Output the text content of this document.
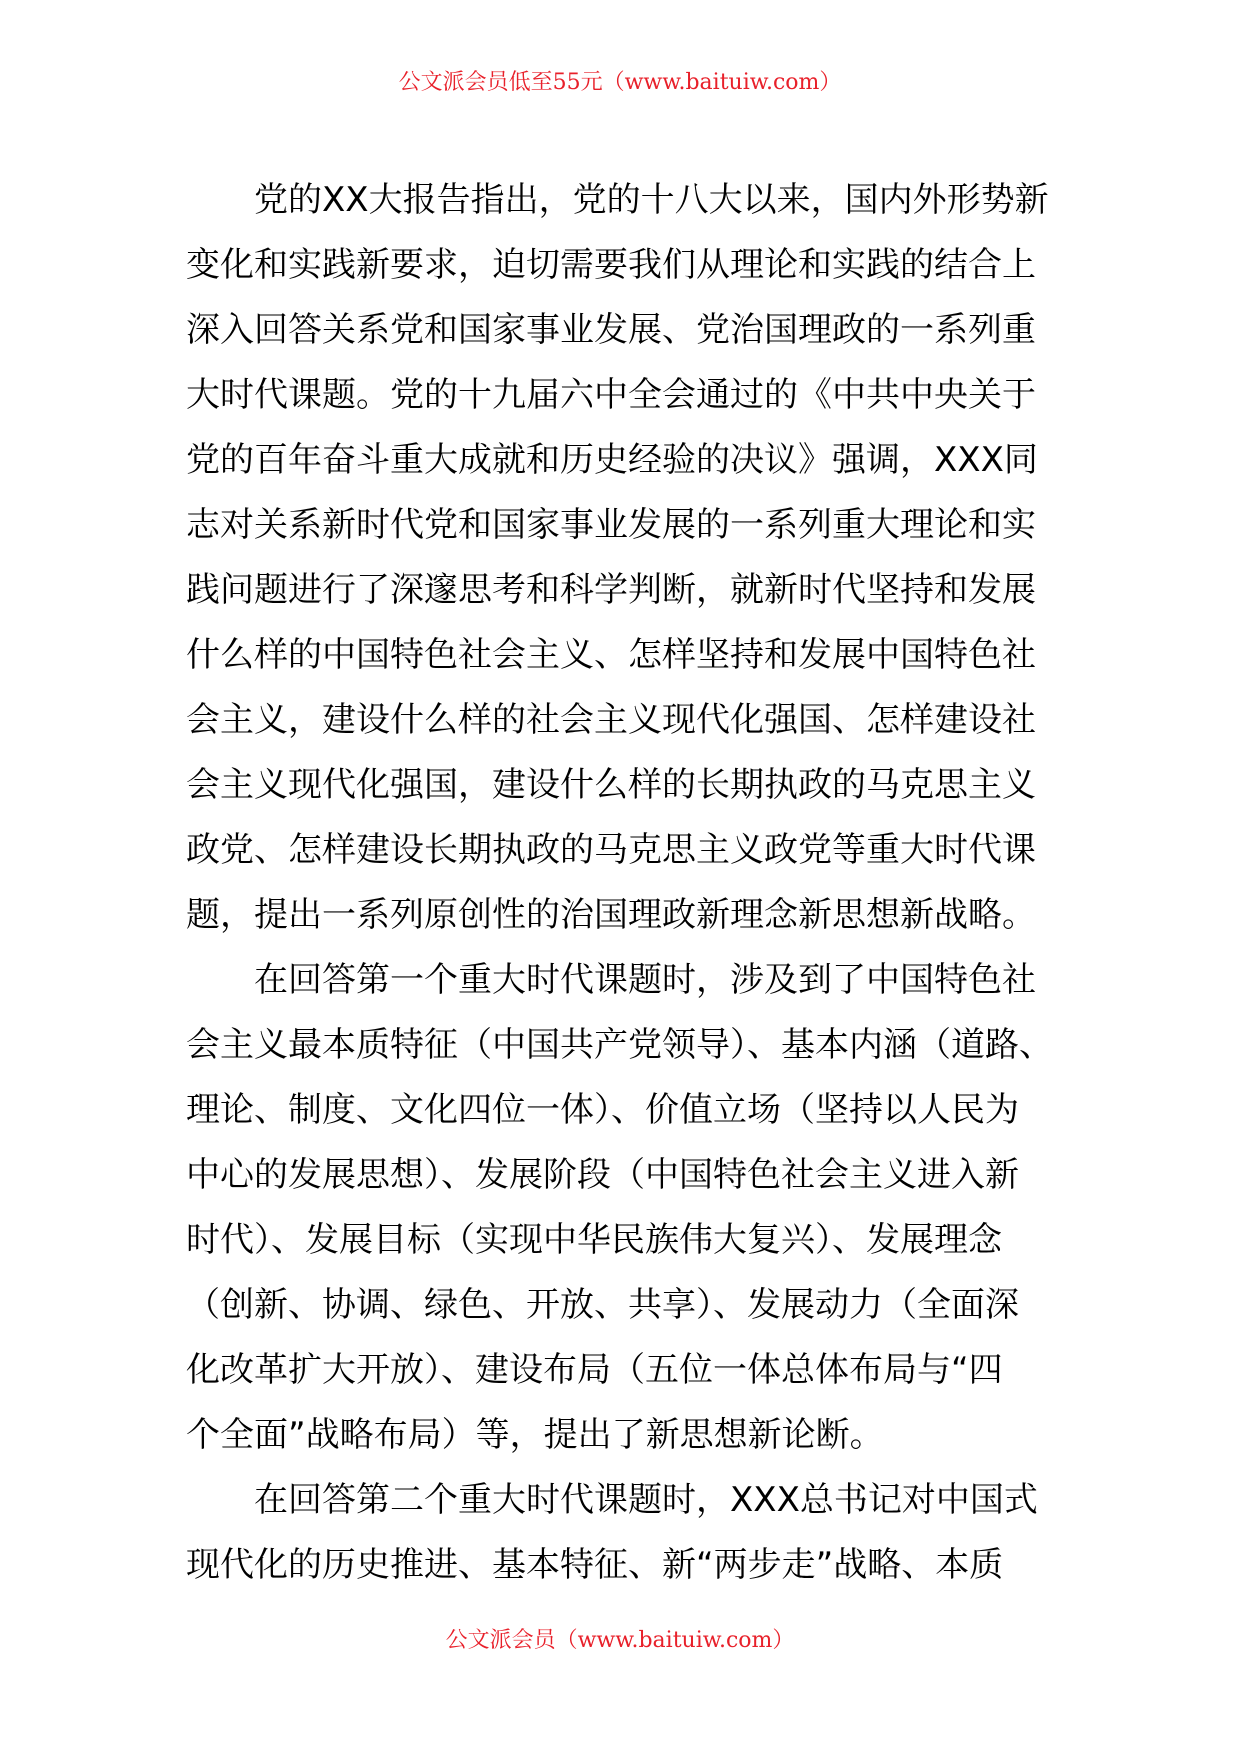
公文派会员低至55元（www.baituiw.com）
党的XX大报告指出，党的十八大以来，国内外形势新
变化和实践新要求，迫切需要我们从理论和实践的结合上
深入回答关系党和国家事业发展、党治国理政的一系列重
大时代课题。党的十九届六中全会通过的《中共中央关于
党的百年奋斗重大成就和历史经验的决议》强调，XXX同
志对关系新时代党和国家事业发展的一系列重大理论和实
践问题进行了深邃思考和科学判断，就新时代坚持和发展
什么样的中国特色社会主义、怎样坚持和发展中国特色社
会主义，建设什么样的社会主义现代化强国、怎样建设社
会主义现代化强国，建设什么样的长期执政的马克思主义
政党、怎样建设长期执政的马克思主义政党等重大时代课
题，提出一系列原创性的治国理政新理念新思想新战略。
在回答第一个重大时代课题时，涉及到了中国特色社
会主义最本质特征（中国共产党领导）、基本内涵（道路、
理论、制度、文化四位一体）、价值立场（坚持以人民为
中心的发展思想）、发展阶段（中国特色社会主义进入新
时代）、发展目标（实现中华民族伟大复兴）、发展理念
（创新、协调、绿色、开放、共享）、发展动力（全面深
化改革扩大开放）、建设布局（五位一体总体布局与“四
个全面”战略布局）等，提出了新思想新论断。
在回答第二个重大时代课题时，XXX总书记对中国式
现代化的历史推进、基本特征、新“两步走”战略、本质
公文派会员（www.baituiw.com）
